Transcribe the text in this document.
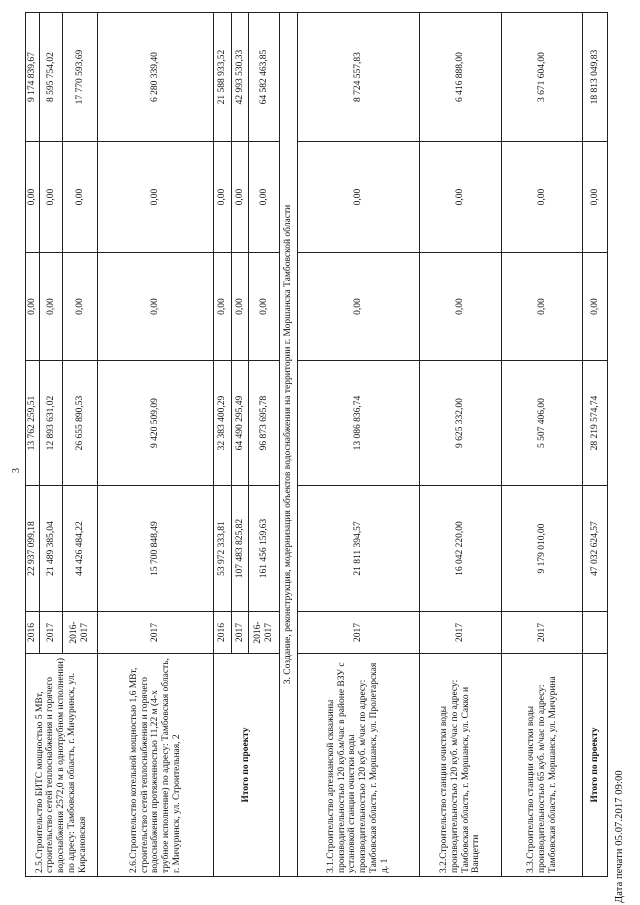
3
2.5.Строительство БИТС мощностью 5 МВт, строительство сетей теплоснабжения и горячего водоснабжения 2572,0 м в однотрубном исполнении) по адресу: Тамбовская область, г. Мичуринск, ул. Кирсановская	2016	22 937 099,18	13 762 259,51	0,00	0,00	9 174 839,67
	2017	21 489 385,04	12 893 631,02	0,00	0,00	8 595 754,02
	2016-2017	44 426 484,22	26 655 890,53	0,00	0,00	17 770 593,69
2.6.Строительство котельной мощностью 1,6 МВт, строительство сетей теплоснабжения и горячего водоснабжения протяженностью 11,22 м (4-х трубное исполнение) по адресу: Тамбовская область, г. Мичуринск, ул. Строительная, 2	2017	15 700 848,49	9 420 509,09	0,00	0,00	6 280 339,40
Итого по проекту	2016	53 972 333,81	32 383 400,29	0,00	0,00	21 588 933,52
	2017	107 483 825,82	64 490 295,49	0,00	0,00	42 993 530,33
	2016-2017	161 456 159,63	96 873 695,78	0,00	0,00	64 582 463,85
3. Создание, реконструкция, модернизация объектов водоснабжения на территории г. Моршанска Тамбовской области						
3.1.Строительство артезианской скважины производительностью 120 куб.м/час в районе ВЗУ с установкой станции очистки воды производительностью 120 куб. м/час по адресу: Тамбовская область, г. Моршанск, ул. Пролетарская д. 1	2017	21 811 394,57	13 086 836,74	0,00	0,00	8 724 557,83
3.2.Строительство станции очистки воды производительностью 120 куб. м/час по адресу: Тамбовская область, г. Моршанск, ул. Сакко и Ванцетти	2017	16 042 220,00	9 625 332,00	0,00	0,00	6 416 888,00
3.3.Строительство станции очистки воды производительностью 65 куб. м/час по адресу: Тамбовская область, г. Моршанск, ул. Мичурина	2017	9 179 010,00	5 507 406,00	0,00	0,00	3 671 604,00
Итого по проекту		47 032 624,57	28 219 574,74	0,00	0,00	18 813 049,83
Дата печати 05.07.2017 09:00
